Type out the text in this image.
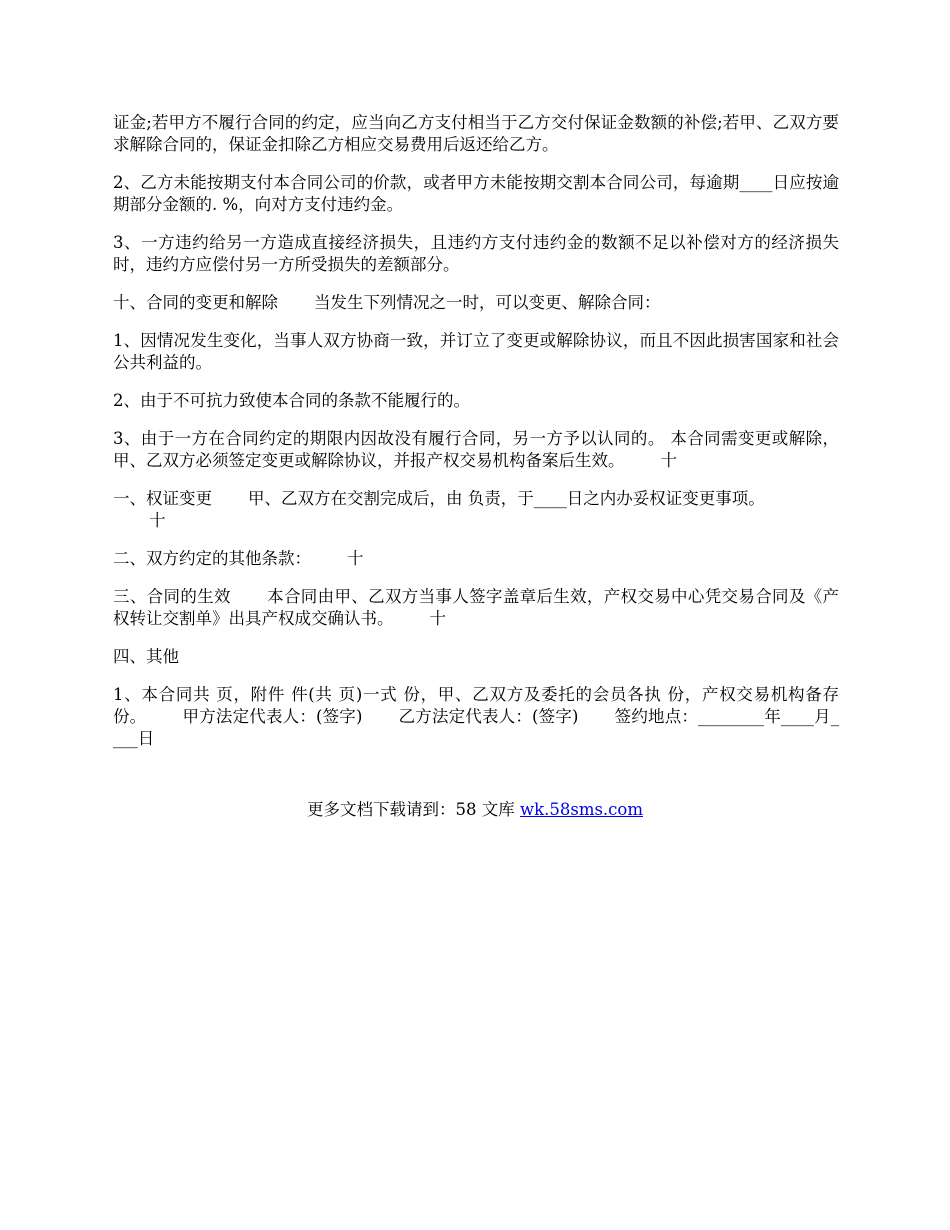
证金;若甲方不履行合同的约定，应当向乙方支付相当于乙方交付保证金数额的补偿;若甲、乙双方要求解除合同的，保证金扣除乙方相应交易费用后返还给乙方。

2、乙方未能按期支付本合同公司的价款，或者甲方未能按期交割本合同公司，每逾期____日应按逾期部分金额的. %，向对方支付违约金。

3、一方违约给另一方造成直接经济损失，且违约方支付违约金的数额不足以补偿对方的经济损失时，违约方应偿付另一方所受损失的差额部分。

十、合同的变更和解除 当发生下列情况之一时，可以变更、解除合同：

1、因情况发生变化，当事人双方协商一致，并订立了变更或解除协议，而且不因此损害国家和社会公共利益的。

2、由于不可抗力致使本合同的条款不能履行的。

3、由于一方在合同约定的期限内因故没有履行合同，另一方予以认同的。 本合同需变更或解除，甲、乙双方必须签定变更或解除协议，并报产权交易机构备案后生效。 十

一、权证变更 甲、乙双方在交割完成后，由 负责，于____日之内办妥权证变更事项。
十

二、双方约定的其他条款： 十

三、合同的生效 本合同由甲、乙双方当事人签字盖章后生效，产权交易中心凭交易合同及《产权转让交割单》出具产权成交确认书。 十

四、其他

1、本合同共 页，附件 件(共 页)一式 份，甲、乙双方及委托的会员各执 份，产权交易机构备存份。 甲方法定代表人：(签字) 乙方法定代表人：(签字) 签约地点：________年____月____日

更多文档下载请到：58 文库 wk.58sms.com
